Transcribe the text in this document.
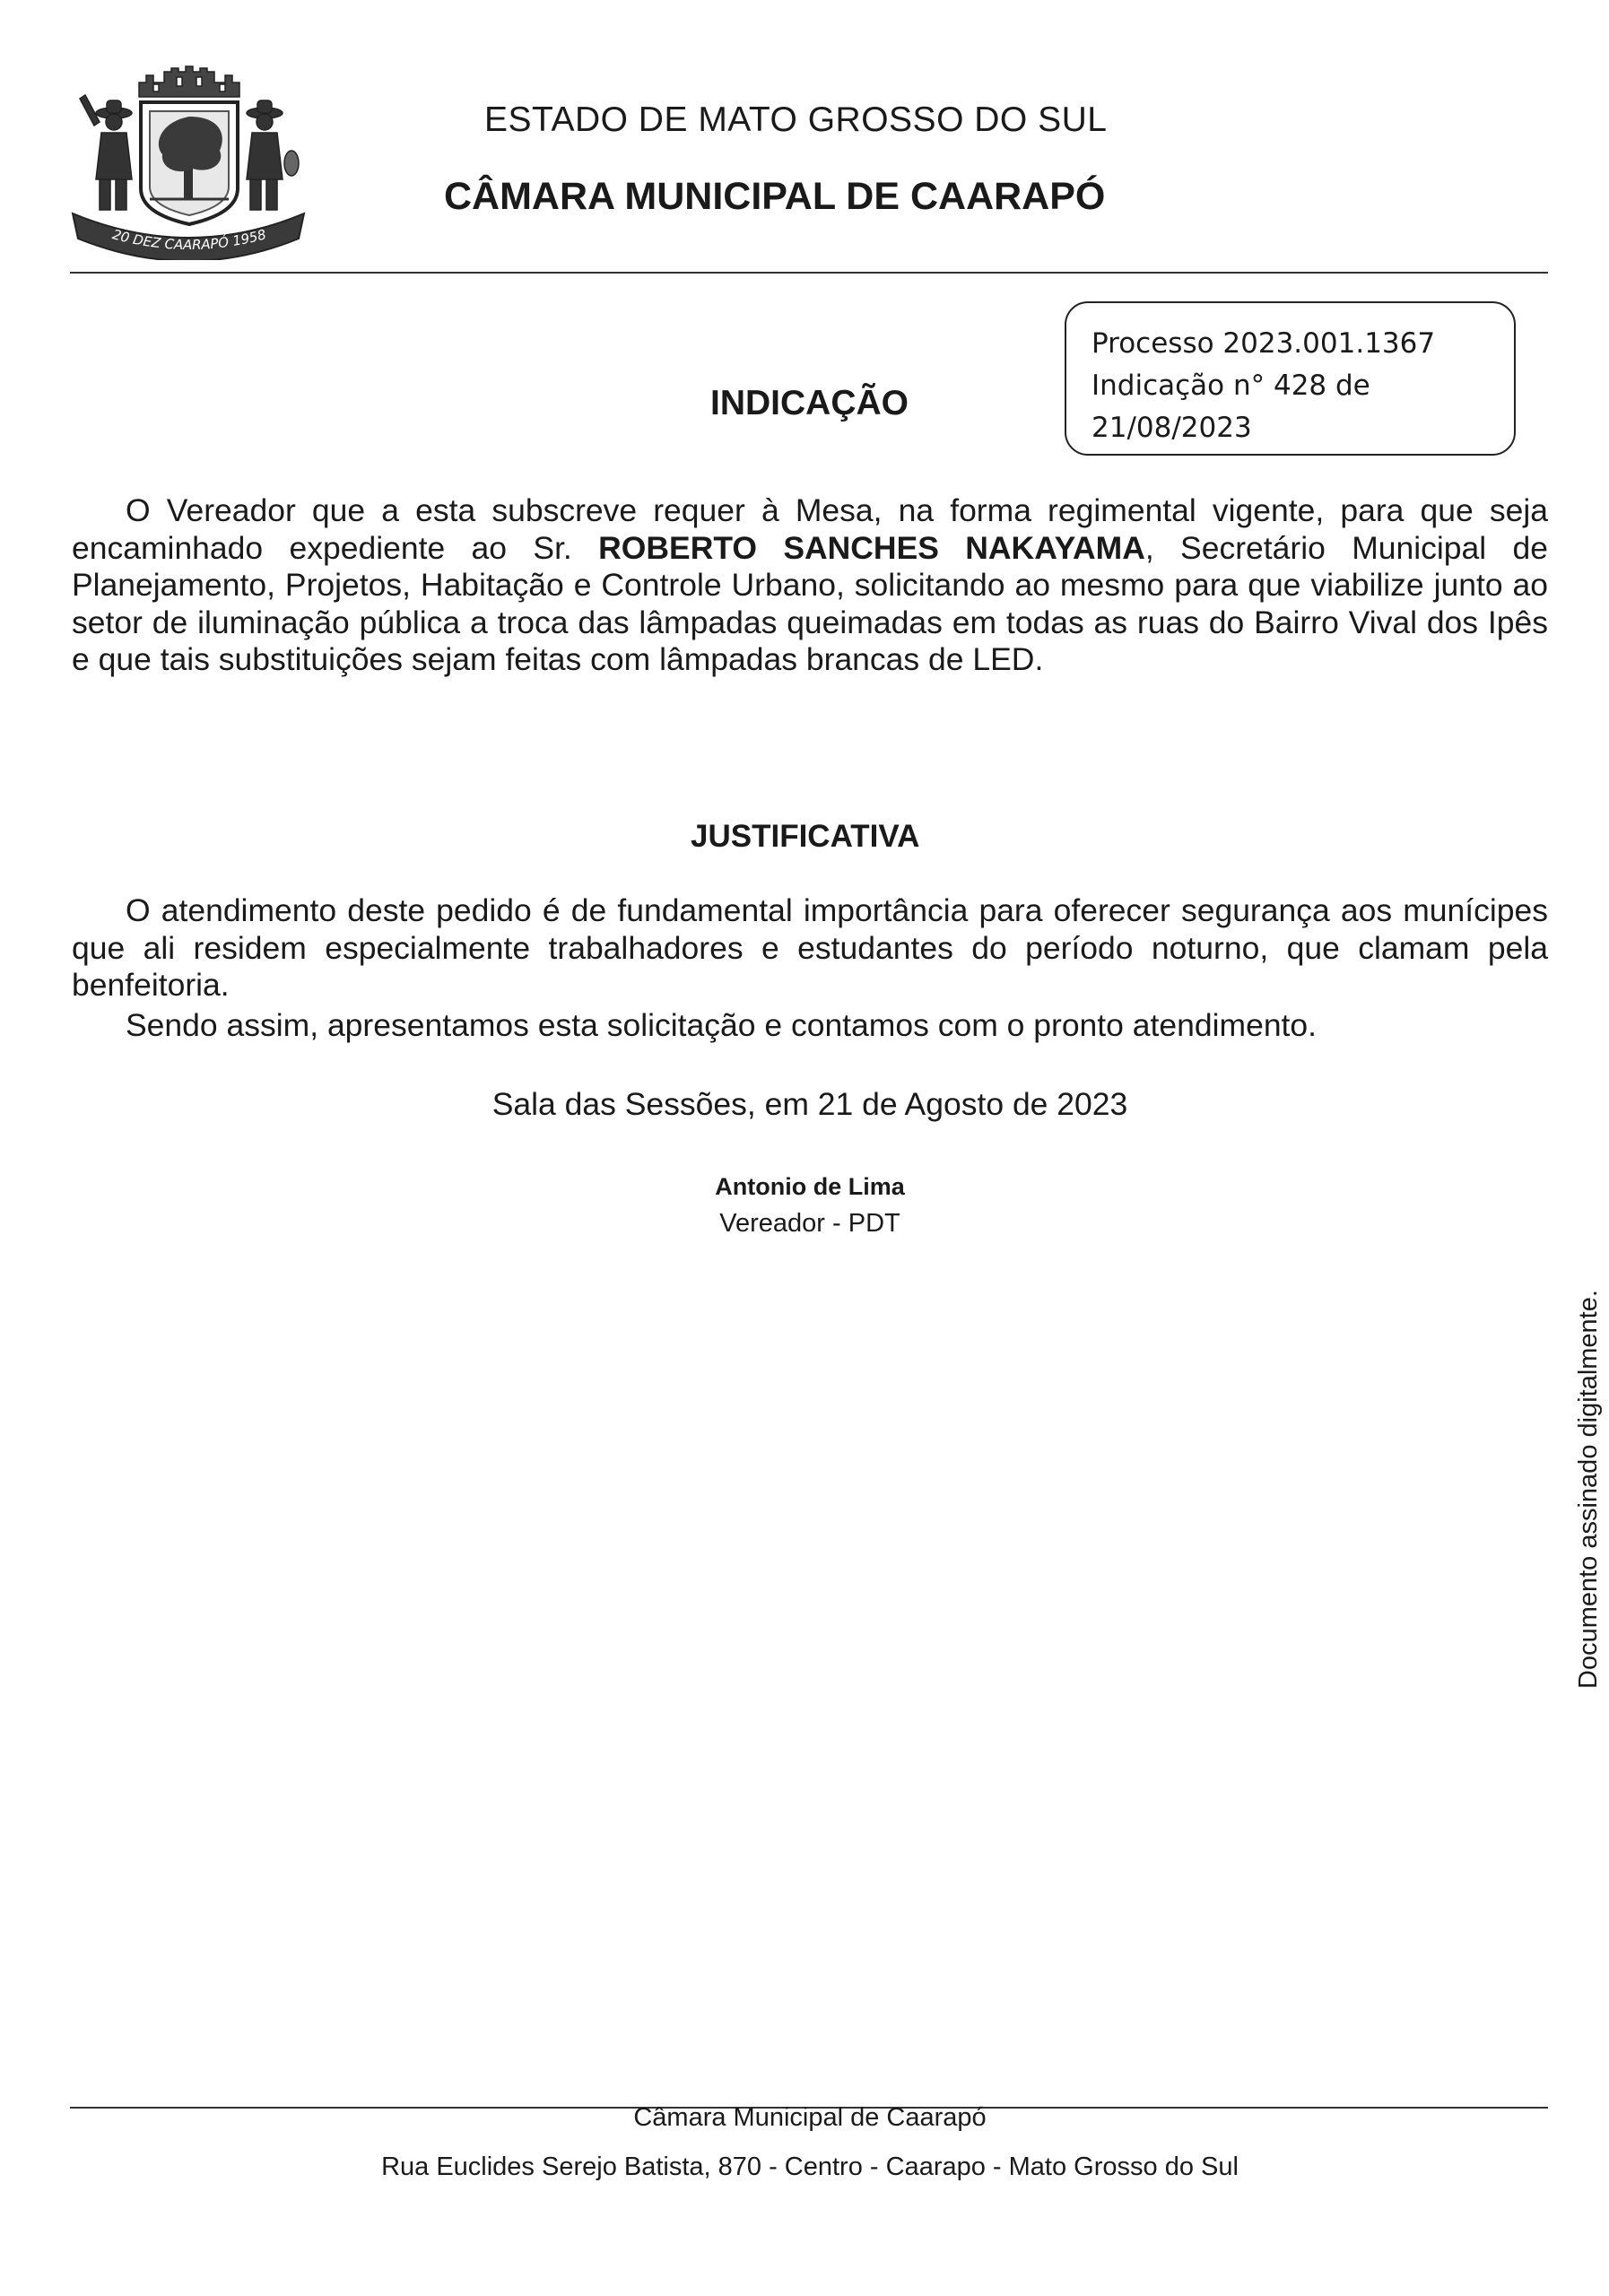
20 DEZ CAARAPÓ 1958
ESTADO DE MATO GROSSO DO SUL
CÂMARA MUNICIPAL DE CAARAPÓ
Processo 2023.001.1367
Indicação n° 428 de
21/08/2023
INDICAÇÃO
O Vereador que a esta subscreve requer à Mesa, na forma regimental vigente, para que seja encaminhado expediente ao Sr. ROBERTO SANCHES NAKAYAMA, Secretário Municipal de Planejamento, Projetos, Habitação e Controle Urbano, solicitando ao mesmo para que viabilize junto ao setor de iluminação pública a troca das lâmpadas queimadas em todas as ruas do Bairro Vival dos Ipês e que tais substituições sejam feitas com lâmpadas brancas de LED.
JUSTIFICATIVA
O atendimento deste pedido é de fundamental importância para oferecer segurança aos munícipes que ali residem especialmente trabalhadores e estudantes do período noturno, que clamam pela benfeitoria.
Sendo assim, apresentamos esta solicitação e contamos com o pronto atendimento.
Sala das Sessões, em 21 de Agosto de 2023
Antonio de Lima
Vereador - PDT
Documento assinado digitalmente.
Câmara Municipal de Caarapó
Rua Euclides Serejo Batista, 870 - Centro - Caarapo - Mato Grosso do Sul
